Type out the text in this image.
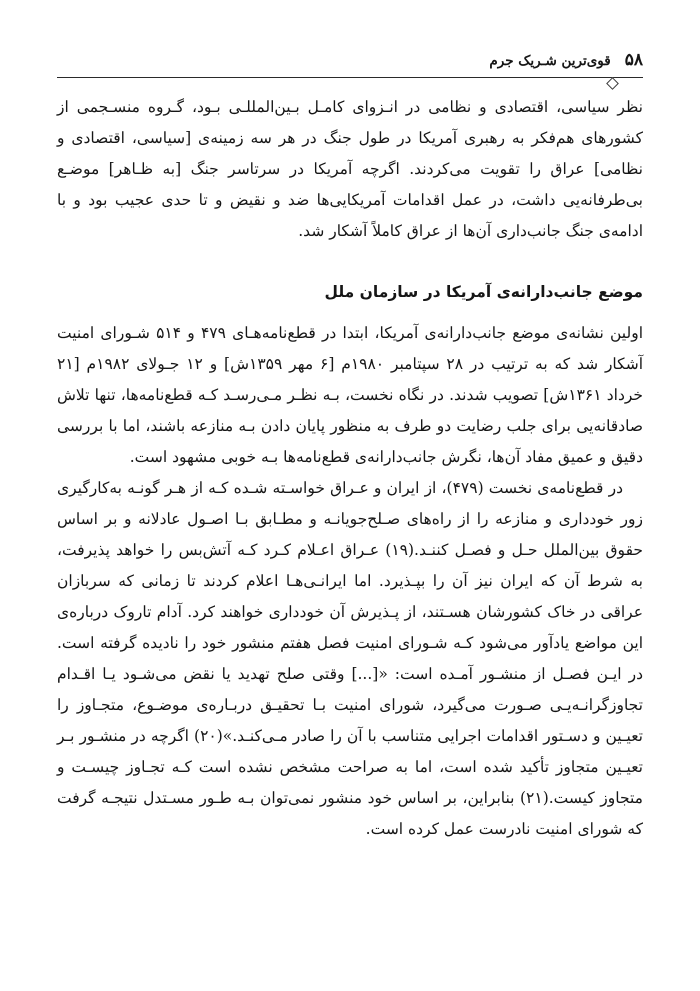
۵۸
قوی‌ترین شـریک جرم

نظر سیاسی، اقتصادی و نظامی در انـزوای کامـل بـین‌المللـی بـود، گـروه منسـجمی از کشورهای هم‌فکر به رهبری آمریکا در طول جنگ در هر سه زمینه‌ی [سیاسی، اقتصادی و نظامی] عراق را تقویت می‌کردند. اگرچه آمریکا در سرتاسر جنگ [به ظـاهر] موضـع بی‌طرفانه‌یی داشت، در عمل اقدامات آمریکایی‌ها ضد و نقیض و تا حدی عجیب بود و با ادامه‌ی جنگ جانب‌داری آن‌ها از عراق کاملاً آشکار شد.

موضع جانب‌دارانه‌ی آمریکا در سازمان ملل

اولین نشانه‌ی موضع جانب‌دارانه‌ی آمریکا، ابتدا در قطع‌نامه‌هـای ۴۷۹ و ۵۱۴ شـورای امنیت آشکار شد که به ترتیب در ۲۸ سپتامبر ۱۹۸۰م [۶ مهر ۱۳۵۹ش] و ۱۲ جـولای ۱۹۸۲م [۲۱ خرداد ۱۳۶۱ش] تصویب شدند. در نگاه نخست، بـه نظـر مـی‌رسـد کـه قطع‌نامه‌ها، تنها تلاش صادقانه‌یی برای جلب رضایت دو طرف به منظور پایان دادن بـه منازعه باشند، اما با بررسی دقیق و عمیق مفاد آن‌ها، نگرش جانب‌دارانه‌ی قطع‌نامه‌ها بـه خوبی مشهود است.

در قطع‌نامه‌ی نخست (۴۷۹)، از ایران و عـراق خواسـته شـده کـه از هـر گونـه به‌کارگیری زور خودداری و منازعه را از راه‌های صـلح‌جویانـه و مطـابق بـا اصـول عادلانه و بر اساس حقوق بین‌الملل حـل و فصـل کننـد.(۱۹) عـراق اعـلام کـرد کـه آتش‌بس را خواهد پذیرفت، به شرط آن که ایران نیز آن را بپـذیرد. اما ایرانـی‌هـا اعلام کردند تا زمانی که سربازان عراقی در خاک کشورشان هسـتند، از پـذیرش آن خودداری خواهند کرد. آدام تاروک درباره‌ی این مواضع یادآور می‌شود کـه شـورای امنیت فصل هفتم منشور خود را نادیده گرفته است. در ایـن فصـل از منشـور آمـده است: «[...] وقتی صلح تهدید یا نقض می‌شـود یـا اقـدام تجاوزگرانـه‌یـی صـورت می‌گیرد، شورای امنیت بـا تحقیـق دربـاره‌ی موضـوع، متجـاوز را تعیـین و دسـتور اقدامات اجرایی متناسب با آن را صادر مـی‌کنـد.»(۲۰) اگرچه در منشـور بـر تعیـین متجاوز تأکید شده است، اما به صراحت مشخص نشده است کـه تجـاوز چیسـت و متجاوز کیست.(۲۱) بنابراین، بر اساس خود منشور نمی‌توان بـه طـور مسـتدل نتیجـه گرفت که شورای امنیت نادرست عمل کرده است.
